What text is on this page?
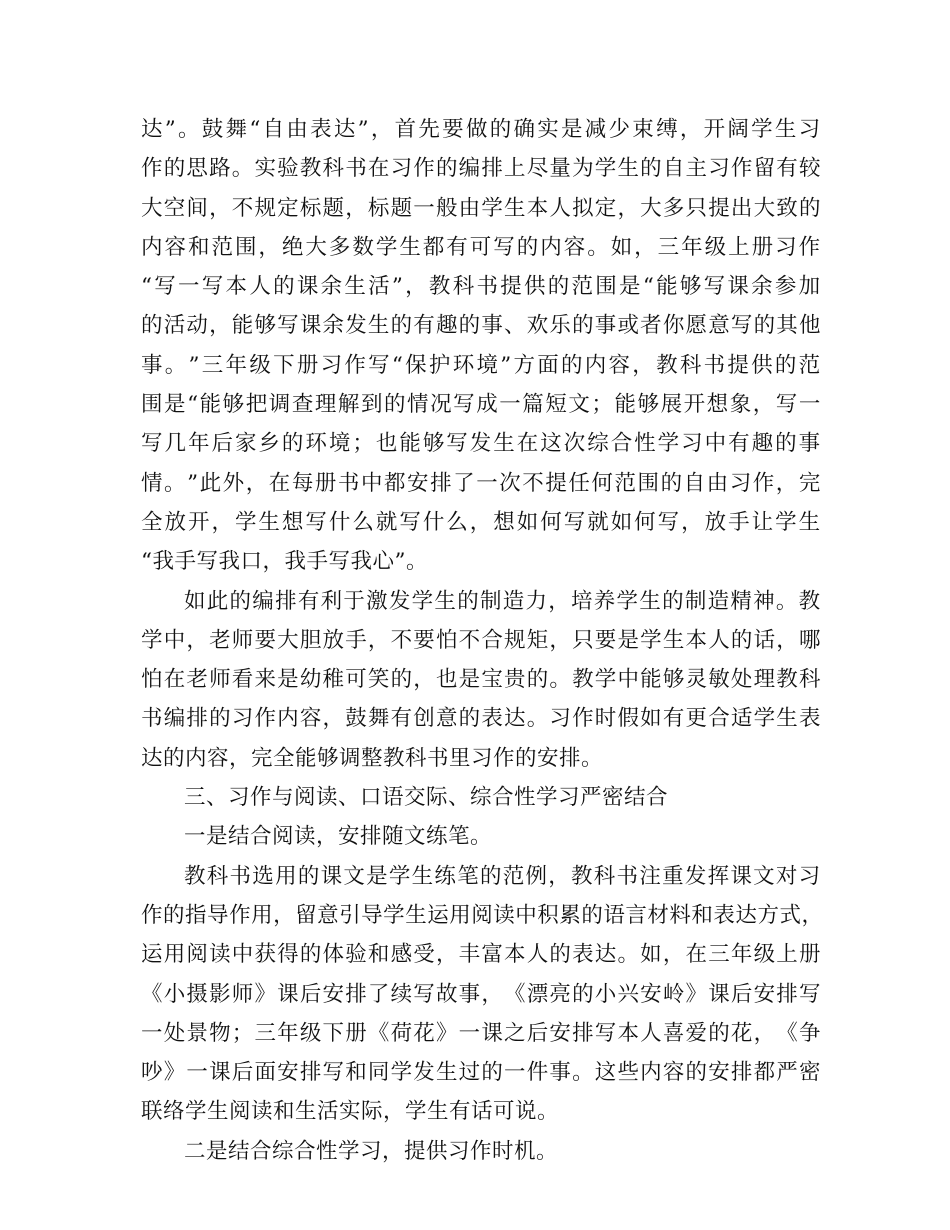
达 ” 。 鼓 舞 “ 自 由 表 达 ” ， 首 先 要 做 的 确 实 是 减 少 束 缚 ， 开 阔 学 生 习
作 的 思 路 。 实 验 教 科 书 在 习 作 的 编 排 上 尽 量 为 学 生 的 自 主 习 作 留 有 较
大 空 间 ， 不 规 定 标 题 ， 标 题 一 般 由 学 生 本 人 拟 定 ， 大 多 只 提 出 大 致 的
内 容 和 范 围 ， 绝 大 多 数 学 生 都 有 可 写 的 内 容 。 如 ， 三 年 级 上 册 习 作
“ 写 一 写 本 人 的 课 余 生 活 ” ， 教 科 书 提 供 的 范 围 是 “ 能 够 写 课 余 参 加
的 活 动 ， 能 够 写 课 余 发 生 的 有 趣 的 事 、 欢 乐 的 事 或 者 你 愿 意 写 的 其 他
事 。 ” 三 年 级 下 册 习 作 写 “ 保 护 环 境 ” 方 面 的 内 容 ， 教 科 书 提 供 的 范
围 是 “ 能 够 把 调 查 理 解 到 的 情 况 写 成 一 篇 短 文 ； 能 够 展 开 想 象 ， 写 一
写 几 年 后 家 乡 的 环 境 ； 也 能 够 写 发 生 在 这 次 综 合 性 学 习 中 有 趣 的 事
情 。 ” 此 外 ， 在 每 册 书 中 都 安 排 了 一 次 不 提 任 何 范 围 的 自 由 习 作 ， 完
全 放 开 ， 学 生 想 写 什 么 就 写 什 么 ， 想 如 何 写 就 如 何 写 ， 放 手 让 学 生
“我手写我口，我手写我心”。
如 此 的 编 排 有 利 于 激 发 学 生 的 制 造 力 ， 培 养 学 生 的 制 造 精 神 。 教
学 中 ， 老 师 要 大 胆 放 手 ， 不 要 怕 不 合 规 矩 ， 只 要 是 学 生 本 人 的 话 ， 哪
怕 在 老 师 看 来 是 幼 稚 可 笑 的 ， 也 是 宝 贵 的 。 教 学 中 能 够 灵 敏 处 理 教 科
书 编 排 的 习 作 内 容 ， 鼓 舞 有 创 意 的 表 达 。 习 作 时 假 如 有 更 合 适 学 生 表
达的内容，完全能够调整教科书里习作的安排。
三、习作与阅读、口语交际、综合性学习严密结合
一是结合阅读，安排随文练笔。
教 科 书 选 用 的 课 文 是 学 生 练 笔 的 范 例 ， 教 科 书 注 重 发 挥 课 文 对 习
作 的 指 导 作 用 ， 留 意 引 导 学 生 运 用 阅 读 中 积 累 的 语 言 材 料 和 表 达 方 式 ，
运 用 阅 读 中 获 得 的 体 验 和 感 受 ， 丰 富 本 人 的 表 达 。 如 ， 在 三 年 级 上 册
《 小 摄 影 师 》 课 后 安 排 了 续 写 故 事 ， 《 漂 亮 的 小 兴 安 岭 》 课 后 安 排 写
一 处 景 物 ； 三 年 级 下 册 《 荷 花 》 一 课 之 后 安 排 写 本 人 喜 爱 的 花 ， 《 争
吵 》 一 课 后 面 安 排 写 和 同 学 发 生 过 的 一 件 事 。 这 些 内 容 的 安 排 都 严 密
联络学生阅读和生活实际，学生有话可说。
二是结合综合性学习，提供习作时机。
